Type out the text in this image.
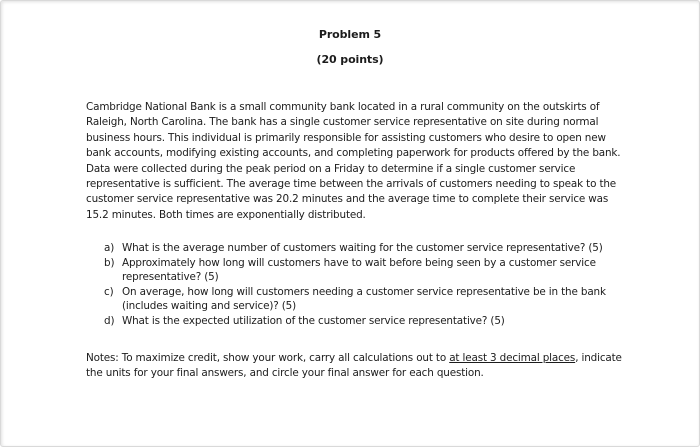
Problem 5
(20 points)

Cambridge National Bank is a small community bank located in a rural community on the outskirts of Raleigh, North Carolina. The bank has a single customer service representative on site during normal business hours. This individual is primarily responsible for assisting customers who desire to open new bank accounts, modifying existing accounts, and completing paperwork for products offered by the bank. Data were collected during the peak period on a Friday to determine if a single customer service representative is sufficient. The average time between the arrivals of customers needing to speak to the customer service representative was 20.2 minutes and the average time to complete their service was 15.2 minutes. Both times are exponentially distributed.

a) What is the average number of customers waiting for the customer service representative? (5)
b) Approximately how long will customers have to wait before being seen by a customer service representative? (5)
c) On average, how long will customers needing a customer service representative be in the bank (includes waiting and service)? (5)
d) What is the expected utilization of the customer service representative? (5)

Notes: To maximize credit, show your work, carry all calculations out to at least 3 decimal places, indicate the units for your final answers, and circle your final answer for each question.
